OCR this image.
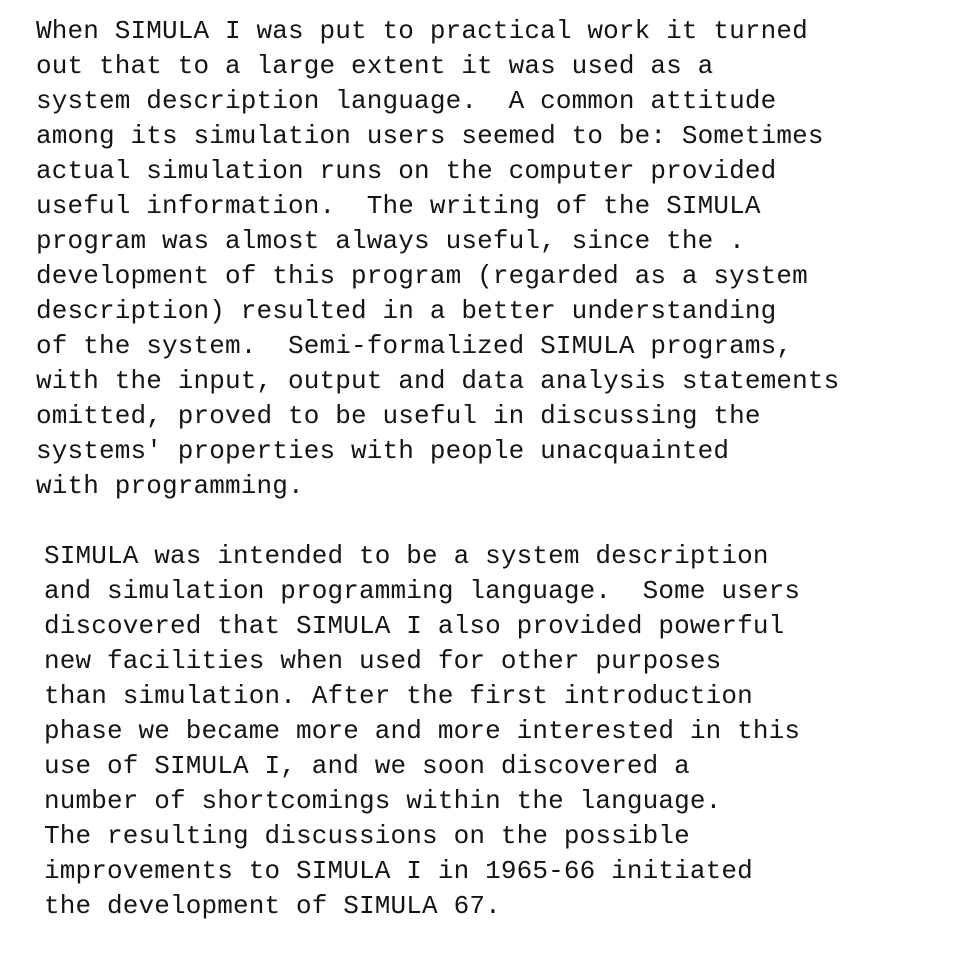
When SIMULA I was put to practical work it turned
out that to a large extent it was used as a
system description language.  A common attitude
among its simulation users seemed to be: Sometimes
actual simulation runs on the computer provided
useful information.  The writing of the SIMULA
program was almost always useful, since the .
development of this program (regarded as a system
description) resulted in a better understanding
of the system.  Semi-formalized SIMULA programs,
with the input, output and data analysis statements
omitted, proved to be useful in discussing the
systems' properties with people unacquainted
with programming.

SIMULA was intended to be a system description
and simulation programming language.  Some users
discovered that SIMULA I also provided powerful
new facilities when used for other purposes
than simulation. After the first introduction
phase we became more and more interested in this
use of SIMULA I, and we soon discovered a
number of shortcomings within the language.
The resulting discussions on the possible
improvements to SIMULA I in 1965-66 initiated
the development of SIMULA 67.
